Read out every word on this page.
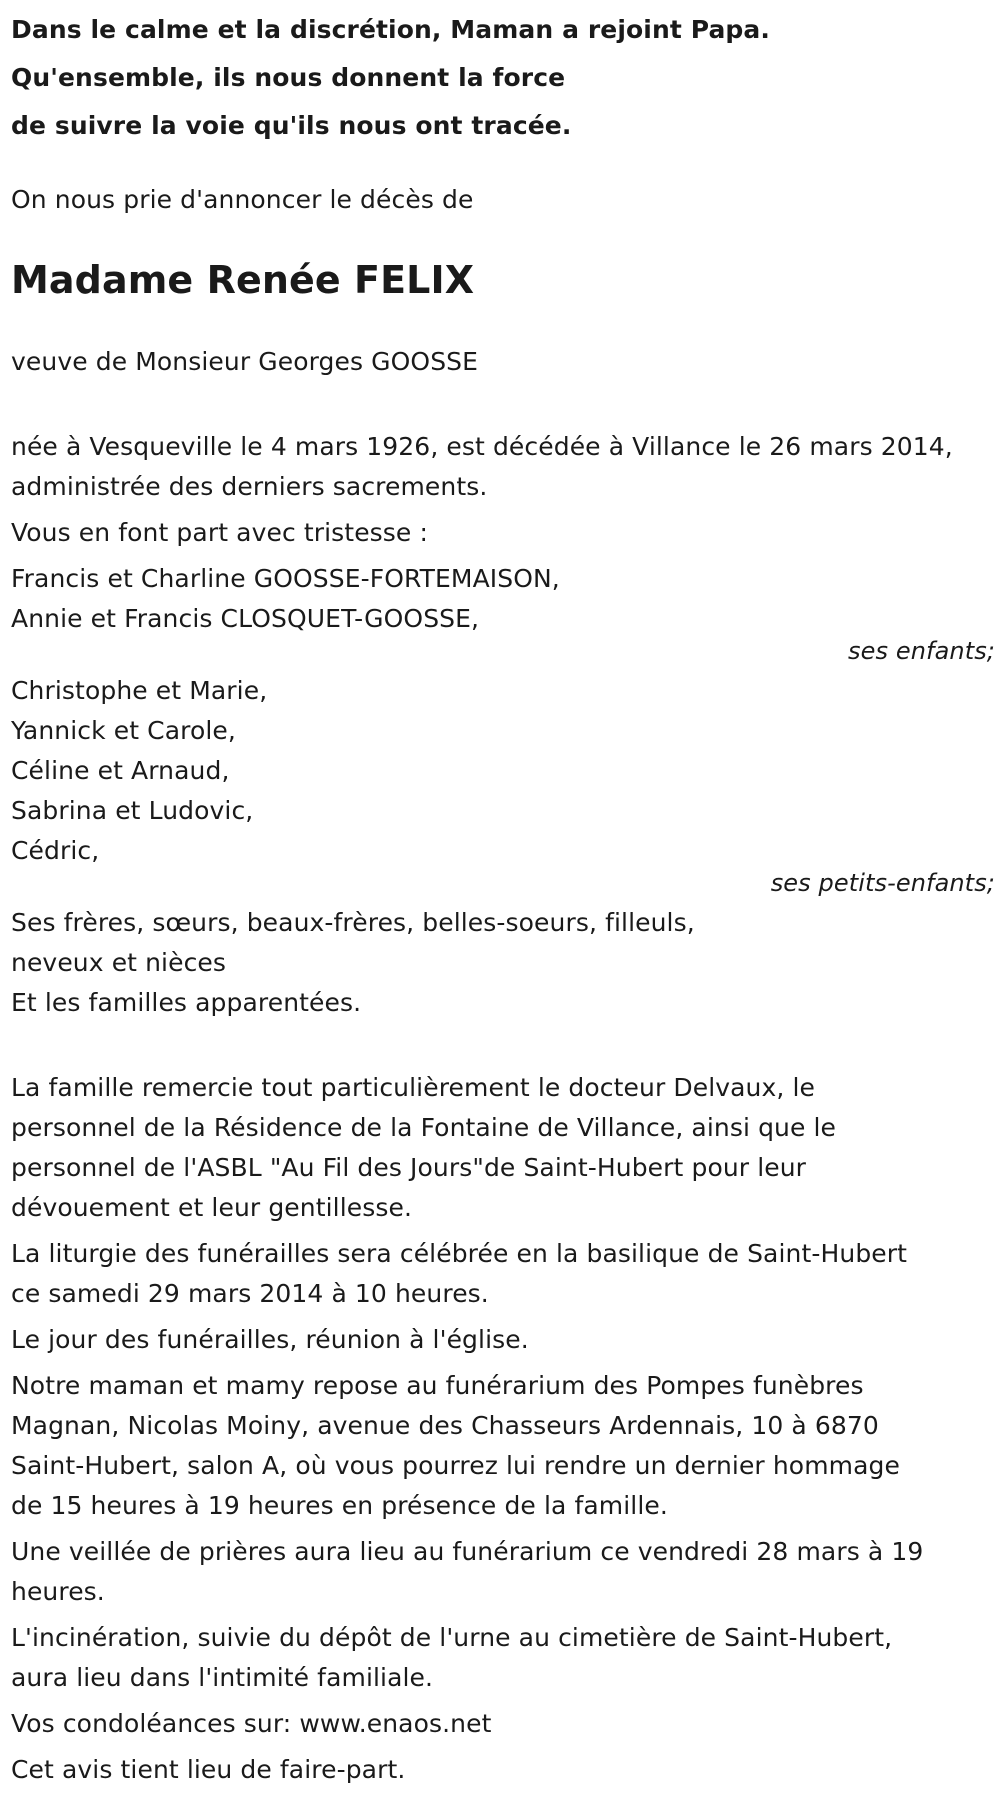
Dans le calme et la discrétion, Maman a rejoint Papa.
Qu'ensemble, ils nous donnent la force
de suivre la voie qu'ils nous ont tracée.

On nous prie d'annoncer le décès de

Madame Renée FELIX

veuve de Monsieur Georges GOOSSE

née à Vesqueville le 4 mars 1926, est décédée à Villance le 26 mars 2014,
administrée des derniers sacrements.

Vous en font part avec tristesse :

Francis et Charline GOOSSE-FORTEMAISON,
Annie et Francis CLOSQUET-GOOSSE,
ses enfants;
Christophe et Marie,
Yannick et Carole,
Céline et Arnaud,
Sabrina et Ludovic,
Cédric,
ses petits-enfants;
Ses frères, sœurs, beaux-frères, belles-soeurs, filleuls,
neveux et nièces
Et les familles apparentées.

La famille remercie tout particulièrement le docteur Delvaux, le
personnel de la Résidence de la Fontaine de Villance, ainsi que le
personnel de l'ASBL "Au Fil des Jours"de Saint-Hubert pour leur
dévouement et leur gentillesse.

La liturgie des funérailles sera célébrée en la basilique de Saint-Hubert
ce samedi 29 mars 2014 à 10 heures.

Le jour des funérailles, réunion à l'église.

Notre maman et mamy repose au funérarium des Pompes funèbres
Magnan, Nicolas Moiny, avenue des Chasseurs Ardennais, 10 à 6870
Saint-Hubert, salon A, où vous pourrez lui rendre un dernier hommage
de 15 heures à 19 heures en présence de la famille.

Une veillée de prières aura lieu au funérarium ce vendredi 28 mars à 19
heures.

L'incinération, suivie du dépôt de l'urne au cimetière de Saint-Hubert,
aura lieu dans l'intimité familiale.

Vos condoléances sur: www.enaos.net

Cet avis tient lieu de faire-part.
